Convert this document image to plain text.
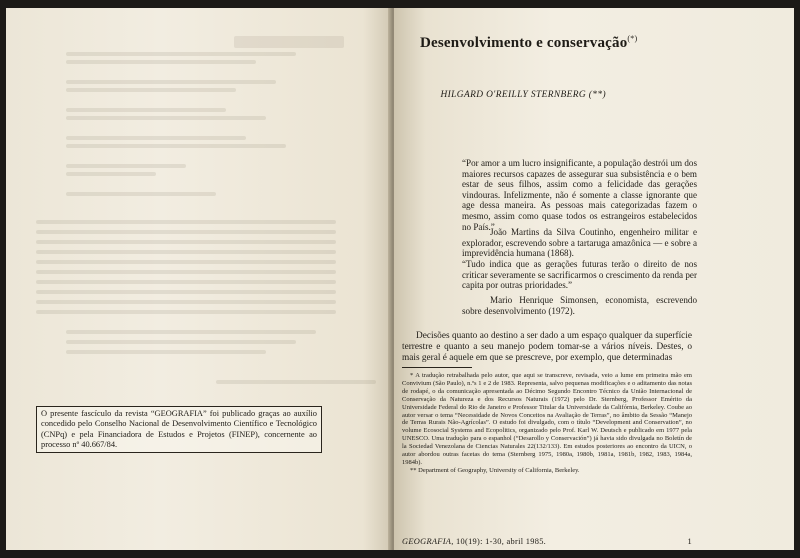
O presente fascículo da revista “GEOGRAFIA” foi publicado graças ao auxílio concedido pelo Conselho Nacional de Desenvolvimento Científico e Tecnológico (CNPq) e pela Financiadora de Estudos e Projetos (FINEP), concernente ao processo nº 40.667/84.
Desenvolvimento e conservação(*)
HILGARD O'REILLY STERNBERG (**)
“Por amor a um lucro insignificante, a população destrói um dos maiores recursos capazes de assegurar sua subsistência e o bem estar de seus filhos, assim como a felicidade das gerações vindouras. Infelizmente, não é somente a classe ignorante que age dessa maneira. As pessoas mais categorizadas fazem o mesmo, assim como quase todos os estrangeiros estabelecidos no País.”
João Martins da Silva Coutinho, engenheiro militar e explorador, escrevendo sobre a tartaruga amazônica — e sobre a imprevidência humana (1868).
“Tudo indica que as gerações futuras terão o direito de nos criticar severamente se sacrificarmos o crescimento da renda per capita por outras prioridades.”
Mario Henrique Simonsen, economista, escrevendo sobre desenvolvimento (1972).
Decisões quanto ao destino a ser dado a um espaço qualquer da superfície terrestre e quanto a seu manejo podem tomar-se a vários níveis. Destes, o mais geral é aquele em que se prescreve, por exemplo, que determinadas

* A tradução retrabalhada pelo autor, que aqui se transcreve, revisada, veio a lume em primeira mão em Convivium (São Paulo), n.ºs 1 e 2 de 1983. Representa, salvo pequenas modificações e o aditamento das notas de rodapé, o da comunicação apresentada ao Décimo Segundo Encontro Técnico da União Internacional de Conservação da Natureza e dos Recursos Naturais (1972) pelo Dr. Sternberg, Professor Emérito da Universidade Federal do Rio de Janeiro e Professor Titular da Universidade da Califórnia, Berkeley. Coube ao autor versar o tema “Necessidade de Novos Conceitos na Avaliação de Terras”, no âmbito da Sessão “Manejo de Terras Rurais Não-Agrícolas”. O estudo foi divulgado, com o título “Development and Conservation”, no volume Ecosocial Systems and Ecopolitics, organizado pelo Prof. Karl W. Deutsch e publicado em 1977 pela UNESCO. Uma tradução para o espanhol (“Desarollo y Conservación”) já havia sido divulgada no Boletín de la Sociedad Venezolana de Ciencias Naturales 22(132/133). Em estudos posteriores ao encontro da UICN, o autor abordou outras facetas do tema (Sternberg 1975, 1980a, 1980b, 1981a, 1981b, 1982, 1983, 1984a, 1984b).

** Department of Geography, University of California, Berkeley.

GEOGRAFIA, 10(19): 1-30, abril 1985.	1
